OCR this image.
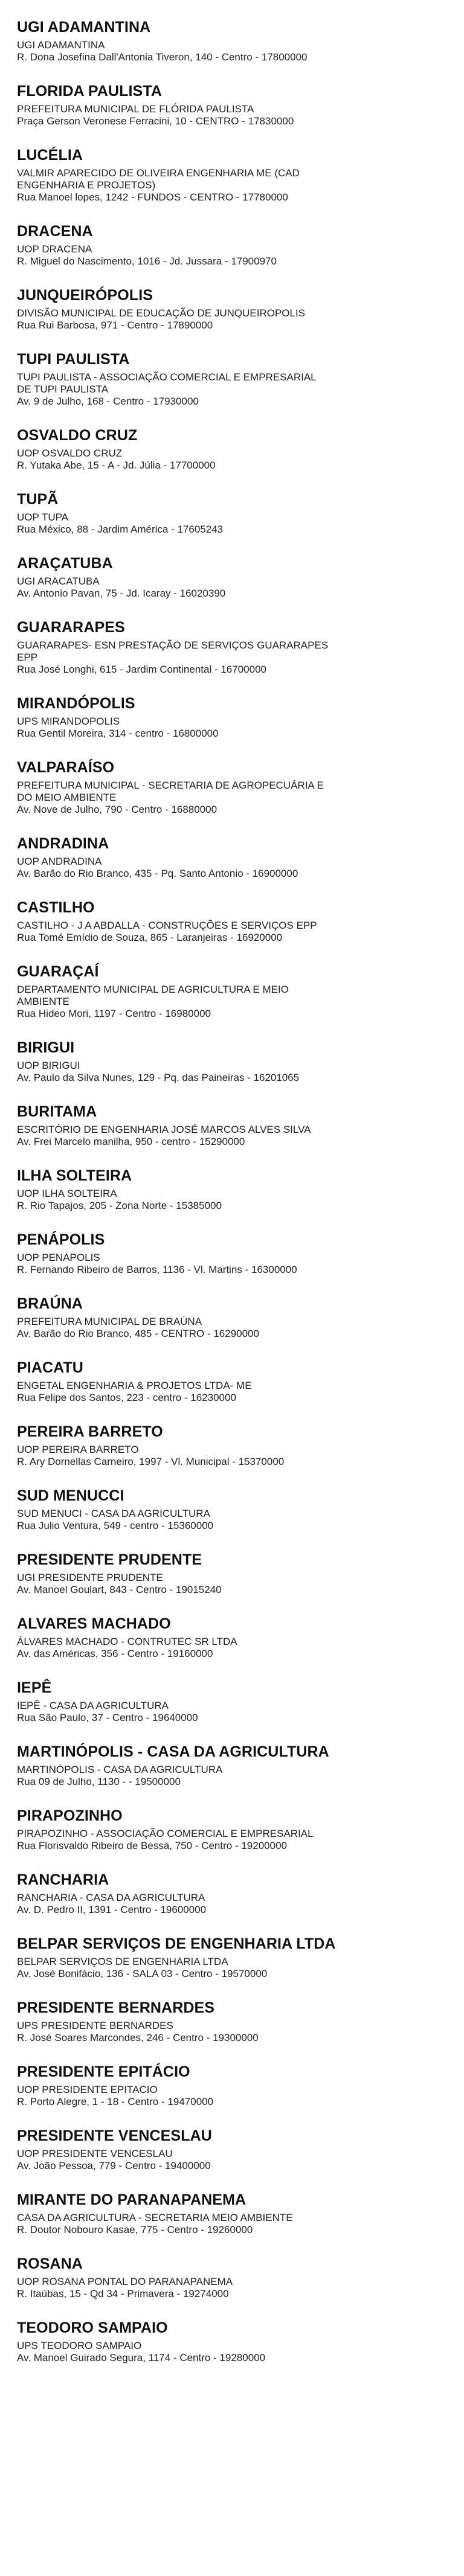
UGI ADAMANTINA
UGI ADAMANTINA
R. Dona Josefina Dall'Antonia Tiveron, 140 - Centro - 17800000
FLORIDA PAULISTA
PREFEITURA MUNICIPAL DE FLÓRIDA PAULISTA
Praça Gerson Veronese Ferracini, 10 - CENTRO - 17830000
LUCÉLIA
VALMIR APARECIDO DE OLIVEIRA ENGENHARIA ME (CAD ENGENHARIA E PROJETOS)
Rua Manoel lopes, 1242 - FUNDOS - CENTRO - 17780000
DRACENA
UOP DRACENA
R. Miguel do Nascimento, 1016 - Jd. Jussara - 17900970
JUNQUEIRÓPOLIS
DIVISÃO MUNICIPAL DE EDUCAÇÃO DE JUNQUEIROPOLIS
Rua Rui Barbosa, 971 - Centro - 17890000
TUPI PAULISTA
TUPI PAULISTA - ASSOCIAÇÃO COMERCIAL E EMPRESARIAL DE TUPI PAULISTA
Av. 9 de Julho, 168 - Centro - 17930000
OSVALDO CRUZ
UOP OSVALDO CRUZ
R. Yutaka Abe, 15 - A - Jd. Júlia - 17700000
TUPÃ
UOP TUPA
Rua México, 88 - Jardim América - 17605243
ARAÇATUBA
UGI ARACATUBA
Av. Antonio Pavan, 75 - Jd. Icaray - 16020390
GUARARAPES
GUARARAPES- ESN PRESTAÇÃO DE SERVIÇOS GUARARAPES EPP
Rua José Longhi, 615 - Jardim Continental - 16700000
MIRANDÓPOLIS
UPS MIRANDOPOLIS
Rua Gentil Moreira, 314 - centro - 16800000
VALPARAÍSO
PREFEITURA MUNICIPAL - SECRETARIA DE AGROPECUÁRIA E DO MEIO AMBIENTE
Av. Nove de Julho, 790 - Centro - 16880000
ANDRADINA
UOP ANDRADINA
Av. Barão do Rio Branco, 435 - Pq. Santo Antonio - 16900000
CASTILHO
CASTILHO - J A ABDALLA - CONSTRUÇÕES E SERVIÇOS EPP
Rua Tomé Emídio de Souza, 865 - Laranjeiras - 16920000
GUARAÇAÍ
DEPARTAMENTO MUNICIPAL DE AGRICULTURA E MEIO AMBIENTE
Rua Hideo Mori, 1197 - Centro - 16980000
BIRIGUI
UOP BIRIGUI
Av. Paulo da Silva Nunes, 129 - Pq. das Paineiras - 16201065
BURITAMA
ESCRITÓRIO DE ENGENHARIA JOSÉ MARCOS ALVES SILVA
Av. Frei Marcelo manilha, 950 - centro - 15290000
ILHA SOLTEIRA
UOP ILHA SOLTEIRA
R. Rio Tapajos, 205 - Zona Norte - 15385000
PENÁPOLIS
UOP PENAPOLIS
R. Fernando Ribeiro de Barros, 1136 - Vl. Martins - 16300000
BRAÚNA
PREFEITURA MUNICIPAL DE BRAÚNA
Av. Barão do Rio Branco, 485 - CENTRO - 16290000
PIACATU
ENGETAL ENGENHARIA & PROJETOS LTDA- ME
Rua Felipe dos Santos, 223 - centro - 16230000
PEREIRA BARRETO
UOP PEREIRA BARRETO
R. Ary Dornellas Carneiro, 1997 - Vl. Municipal - 15370000
SUD MENUCCI
SUD MENUCI - CASA DA AGRICULTURA
Rua Julio Ventura, 549 - centro - 15360000
PRESIDENTE PRUDENTE
UGI PRESIDENTE PRUDENTE
Av. Manoel Goulart, 843 - Centro - 19015240
ALVARES MACHADO
ÁLVARES MACHADO - CONTRUTEC SR LTDA
Av. das Américas, 356 - Centro - 19160000
IEPÊ
IEPÊ - CASA DA AGRICULTURA
Rua São Paulo, 37 - Centro - 19640000
MARTINÓPOLIS - CASA DA AGRICULTURA
MARTINÓPOLIS - CASA DA AGRICULTURA
Rua 09 de Julho, 1130 - - 19500000
PIRAPOZINHO
PIRAPOZINHO - ASSOCIAÇÃO COMERCIAL E EMPRESARIAL
Rua Florisvaldo Ribeiro de Bessa, 750 - Centro - 19200000
RANCHARIA
RANCHARIA - CASA DA AGRICULTURA
Av. D. Pedro II, 1391 - Centro - 19600000
BELPAR SERVIÇOS DE ENGENHARIA LTDA
BELPAR SERVIÇOS DE ENGENHARIA LTDA
Av. José Bonifácio, 136 - SALA 03 - Centro - 19570000
PRESIDENTE BERNARDES
UPS PRESIDENTE BERNARDES
R. José Soares Marcondes, 246 - Centro - 19300000
PRESIDENTE EPITÁCIO
UOP PRESIDENTE EPITACIO
R. Porto Alegre, 1 - 18 - Centro - 19470000
PRESIDENTE VENCESLAU
UOP PRESIDENTE VENCESLAU
Av. João Pessoa, 779 - Centro - 19400000
MIRANTE DO PARANAPANEMA
CASA DA AGRICULTURA - SECRETARIA MEIO AMBIENTE
R. Doutor Nobouro Kasae, 775 - Centro - 19260000
ROSANA
UOP ROSANA PONTAL DO PARANAPANEMA
R. Itaúbas, 15 - Qd 34 - Primavera - 19274000
TEODORO SAMPAIO
UPS TEODORO SAMPAIO
Av. Manoel Guirado Segura, 1174 - Centro - 19280000
